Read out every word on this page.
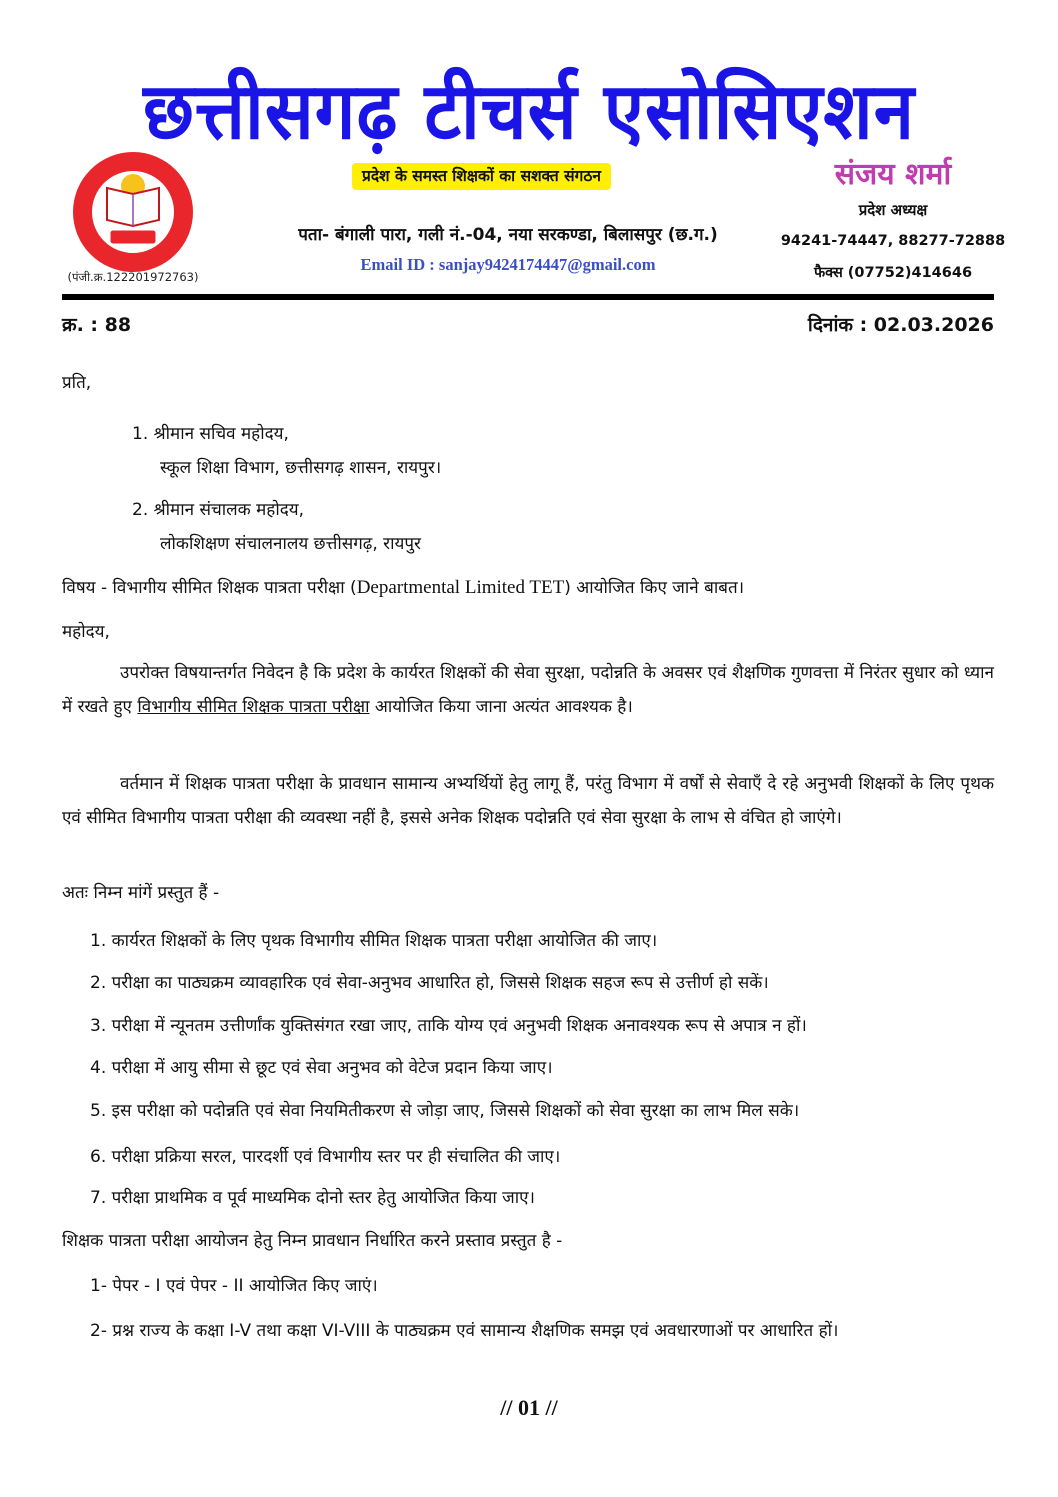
छत्तीसगढ़ टीचर्स एसोसिएशन
(पंजी.क्र.122201972763)
प्रदेश के समस्त शिक्षकों का सशक्त संगठन
पता- बंगाली पारा, गली नं.-04, नया सरकण्डा, बिलासपुर (छ.ग.)
Email ID : sanjay9424174447@gmail.com
संजय शर्मा
प्रदेश अध्यक्ष
94241-74447, 88277-72888
फैक्स (07752)414646
क्र. : 88	दिनांक : 02.03.2026
प्रति,
1. श्रीमान सचिव महोदय,
स्कूल शिक्षा विभाग, छत्तीसगढ़ शासन, रायपुर।
2. श्रीमान संचालक महोदय,
लोकशिक्षण संचालनालय छत्तीसगढ़, रायपुर
विषय - विभागीय सीमित शिक्षक पात्रता परीक्षा (Departmental Limited TET) आयोजित किए जाने बाबत।
महोदय,
उपरोक्त विषयान्तर्गत निवेदन है कि प्रदेश के कार्यरत शिक्षकों की सेवा सुरक्षा, पदोन्नति के अवसर एवं शैक्षणिक गुणवत्ता में निरंतर सुधार को ध्यान में रखते हुए विभागीय सीमित शिक्षक पात्रता परीक्षा आयोजित किया जाना अत्यंत आवश्यक है।
वर्तमान में शिक्षक पात्रता परीक्षा के प्रावधान सामान्य अभ्यर्थियों हेतु लागू हैं, परंतु विभाग में वर्षों से सेवाएँ दे रहे अनुभवी शिक्षकों के लिए पृथक एवं सीमित विभागीय पात्रता परीक्षा की व्यवस्था नहीं है, इससे अनेक शिक्षक पदोन्नति एवं सेवा सुरक्षा के लाभ से वंचित हो जाएंगे।
अतः निम्न मांगें प्रस्तुत हैं -
1. कार्यरत शिक्षकों के लिए पृथक विभागीय सीमित शिक्षक पात्रता परीक्षा आयोजित की जाए।
2. परीक्षा का पाठ्यक्रम व्यावहारिक एवं सेवा-अनुभव आधारित हो, जिससे शिक्षक सहज रूप से उत्तीर्ण हो सकें।
3. परीक्षा में न्यूनतम उत्तीर्णांक युक्तिसंगत रखा जाए, ताकि योग्य एवं अनुभवी शिक्षक अनावश्यक रूप से अपात्र न हों।
4. परीक्षा में आयु सीमा से छूट एवं सेवा अनुभव को वेटेज प्रदान किया जाए।
5. इस परीक्षा को पदोन्नति एवं सेवा नियमितीकरण से जोड़ा जाए, जिससे शिक्षकों को सेवा सुरक्षा का लाभ मिल सके।
6. परीक्षा प्रक्रिया सरल, पारदर्शी एवं विभागीय स्तर पर ही संचालित की जाए।
7. परीक्षा प्राथमिक व पूर्व माध्यमिक दोनो स्तर हेतु आयोजित किया जाए।
शिक्षक पात्रता परीक्षा आयोजन हेतु निम्न प्रावधान निर्धारित करने प्रस्ताव प्रस्तुत है -
1- पेपर - I एवं पेपर - II आयोजित किए जाएं।
2- प्रश्न राज्य के कक्षा I-V तथा कक्षा VI-VIII के पाठ्यक्रम एवं सामान्य शैक्षणिक समझ एवं अवधारणाओं पर आधारित हों।
// 01 //
